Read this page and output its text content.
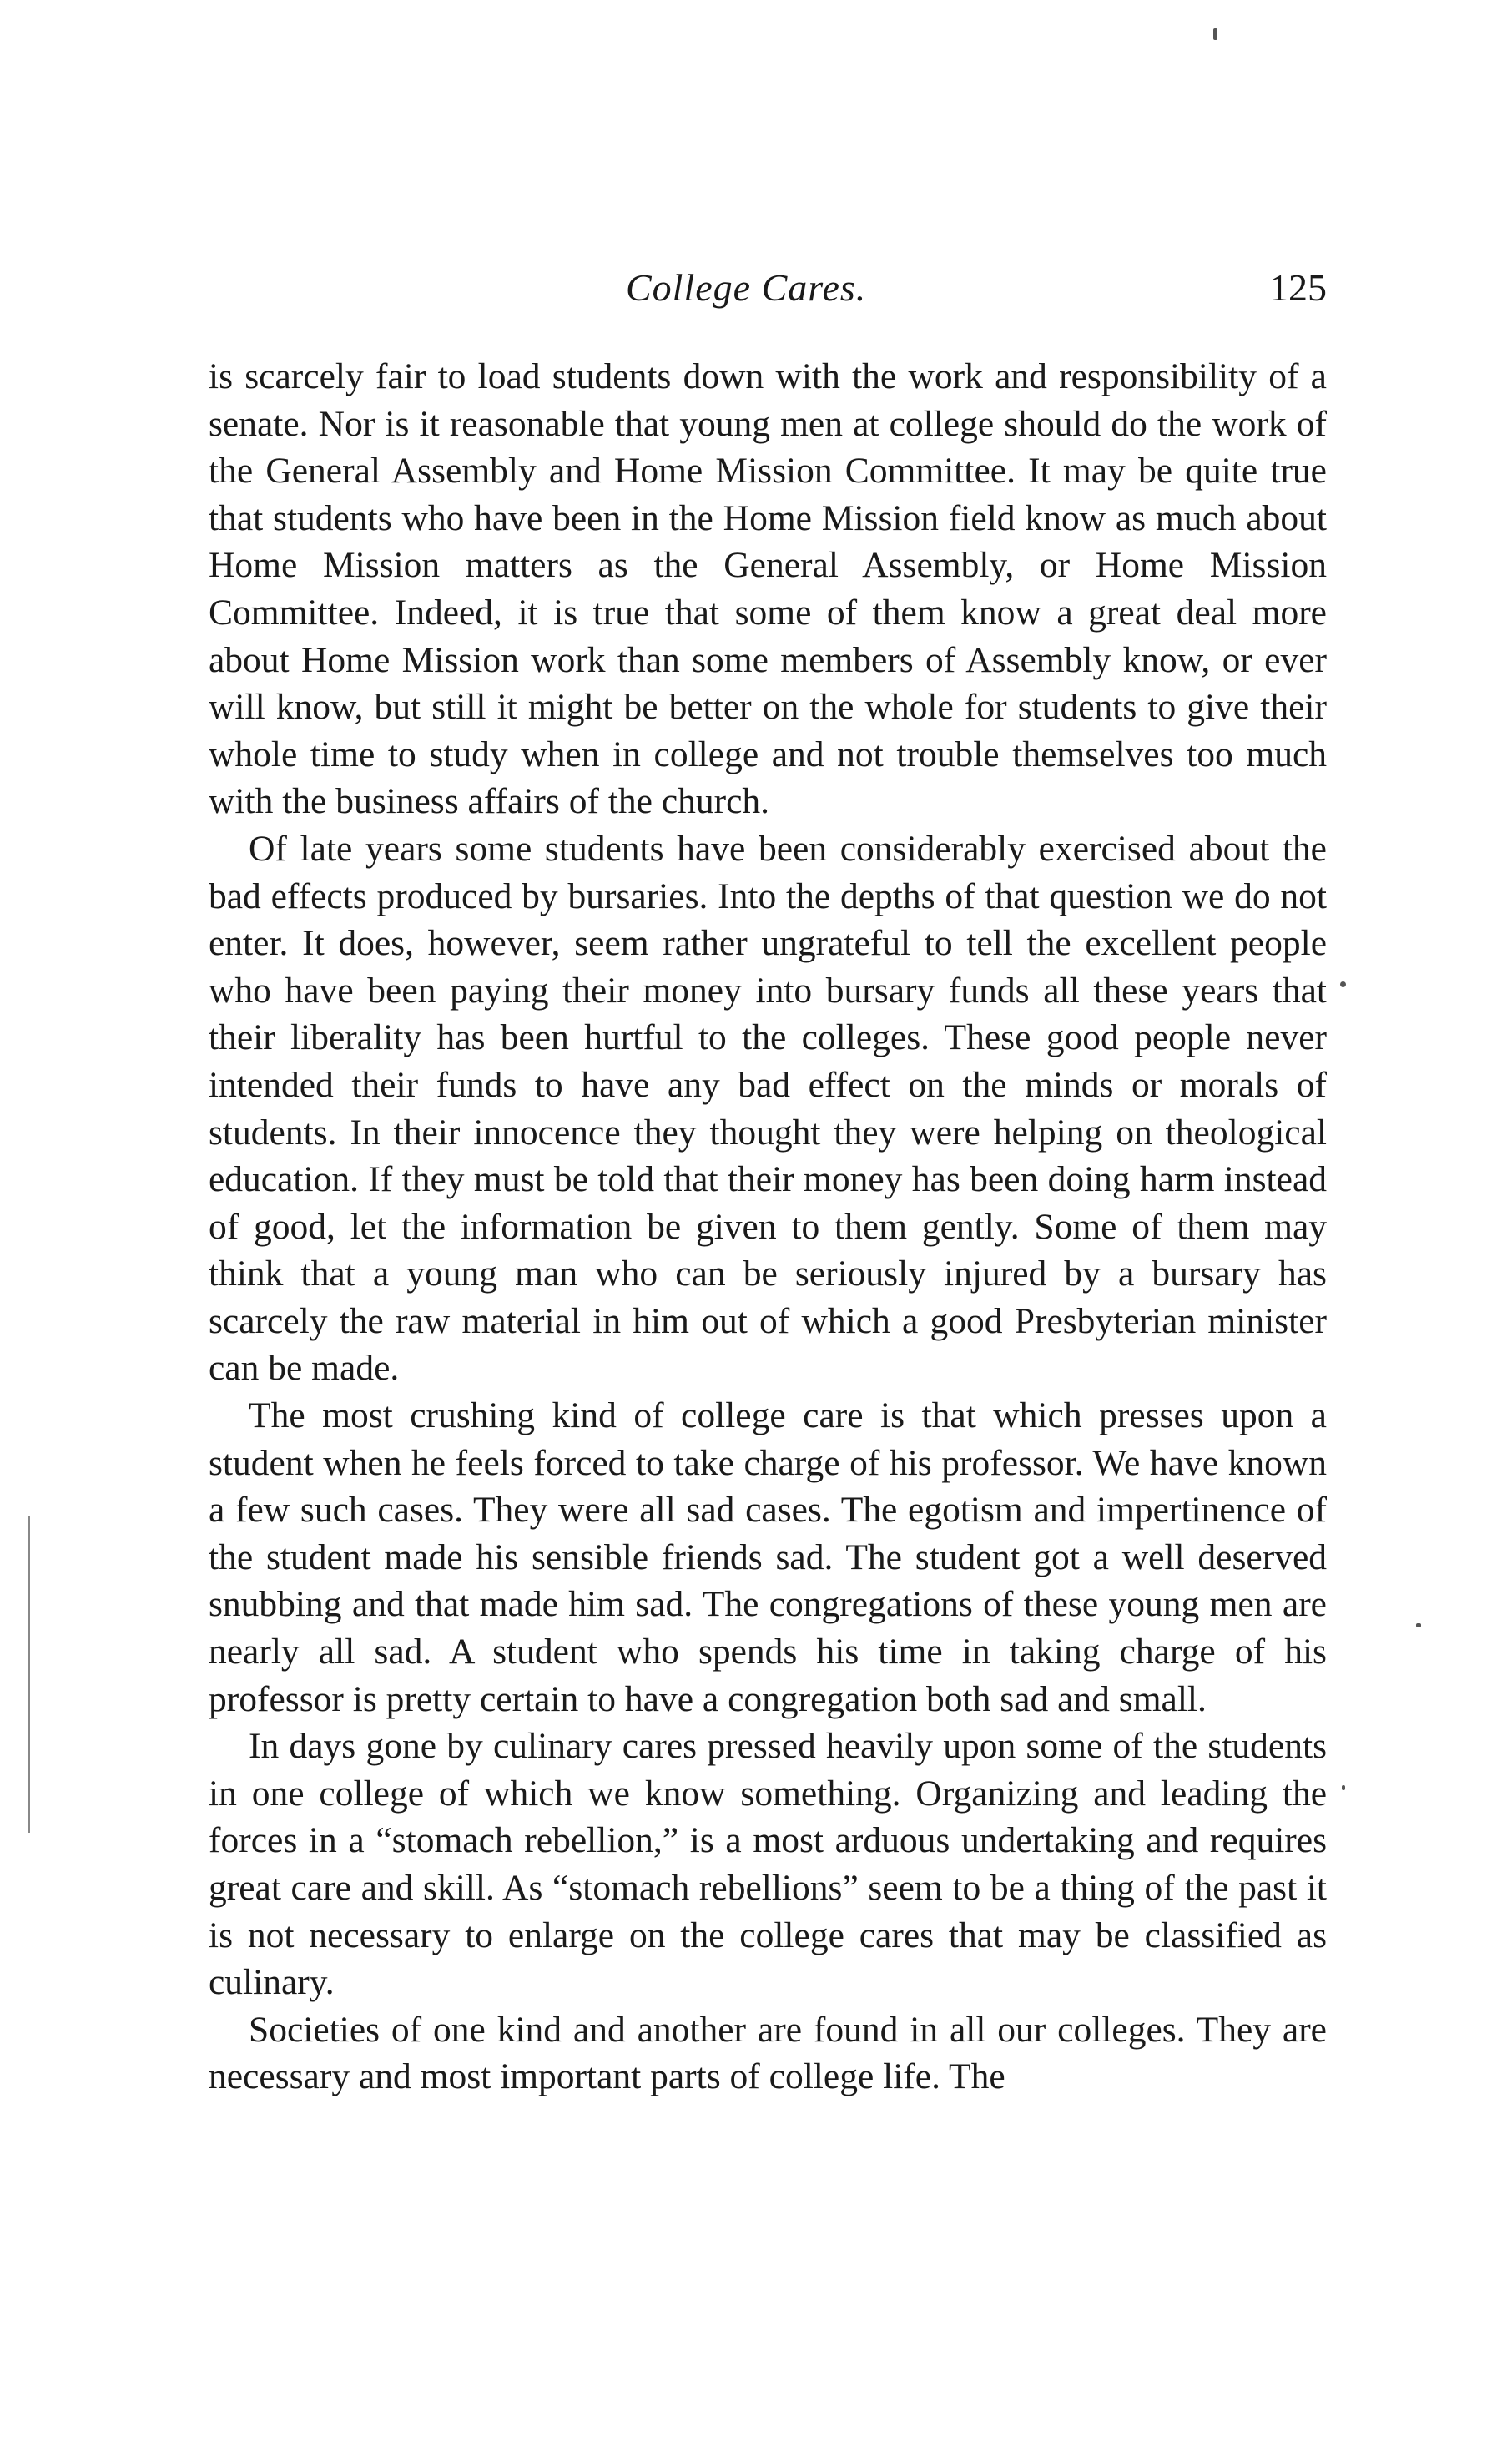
College Cares.	125

is scarcely fair to load students down with the work and responsibility of a senate. Nor is it reasonable that young men at college should do the work of the General Assembly and Home Mission Committee. It may be quite true that students who have been in the Home Mission field know as much about Home Mission matters as the General Assembly, or Home Mission Committee. Indeed, it is true that some of them know a great deal more about Home Mission work than some members of Assembly know, or ever will know, but still it might be better on the whole for students to give their whole time to study when in college and not trouble themselves too much with the business affairs of the church.

Of late years some students have been considerably exercised about the bad effects produced by bursaries. Into the depths of that question we do not enter. It does, however, seem rather ungrateful to tell the excellent people who have been paying their money into bursary funds all these years that their liberality has been hurtful to the colleges. These good people never intended their funds to have any bad effect on the minds or morals of students. In their innocence they thought they were helping on theological education. If they must be told that their money has been doing harm instead of good, let the information be given to them gently. Some of them may think that a young man who can be seriously injured by a bursary has scarcely the raw material in him out of which a good Presbyterian minister can be made.

The most crushing kind of college care is that which presses upon a student when he feels forced to take charge of his professor. We have known a few such cases. They were all sad cases. The egotism and impertinence of the student made his sensible friends sad. The student got a well deserved snubbing and that made him sad. The congregations of these young men are nearly all sad. A student who spends his time in taking charge of his professor is pretty certain to have a congregation both sad and small.

In days gone by culinary cares pressed heavily upon some of the students in one college of which we know something. Organizing and leading the forces in a “stomach rebellion,” is a most arduous undertaking and requires great care and skill. As “stomach rebellions” seem to be a thing of the past it is not necessary to enlarge on the college cares that may be classified as culinary.

Societies of one kind and another are found in all our colleges. They are necessary and most important parts of college life. The
